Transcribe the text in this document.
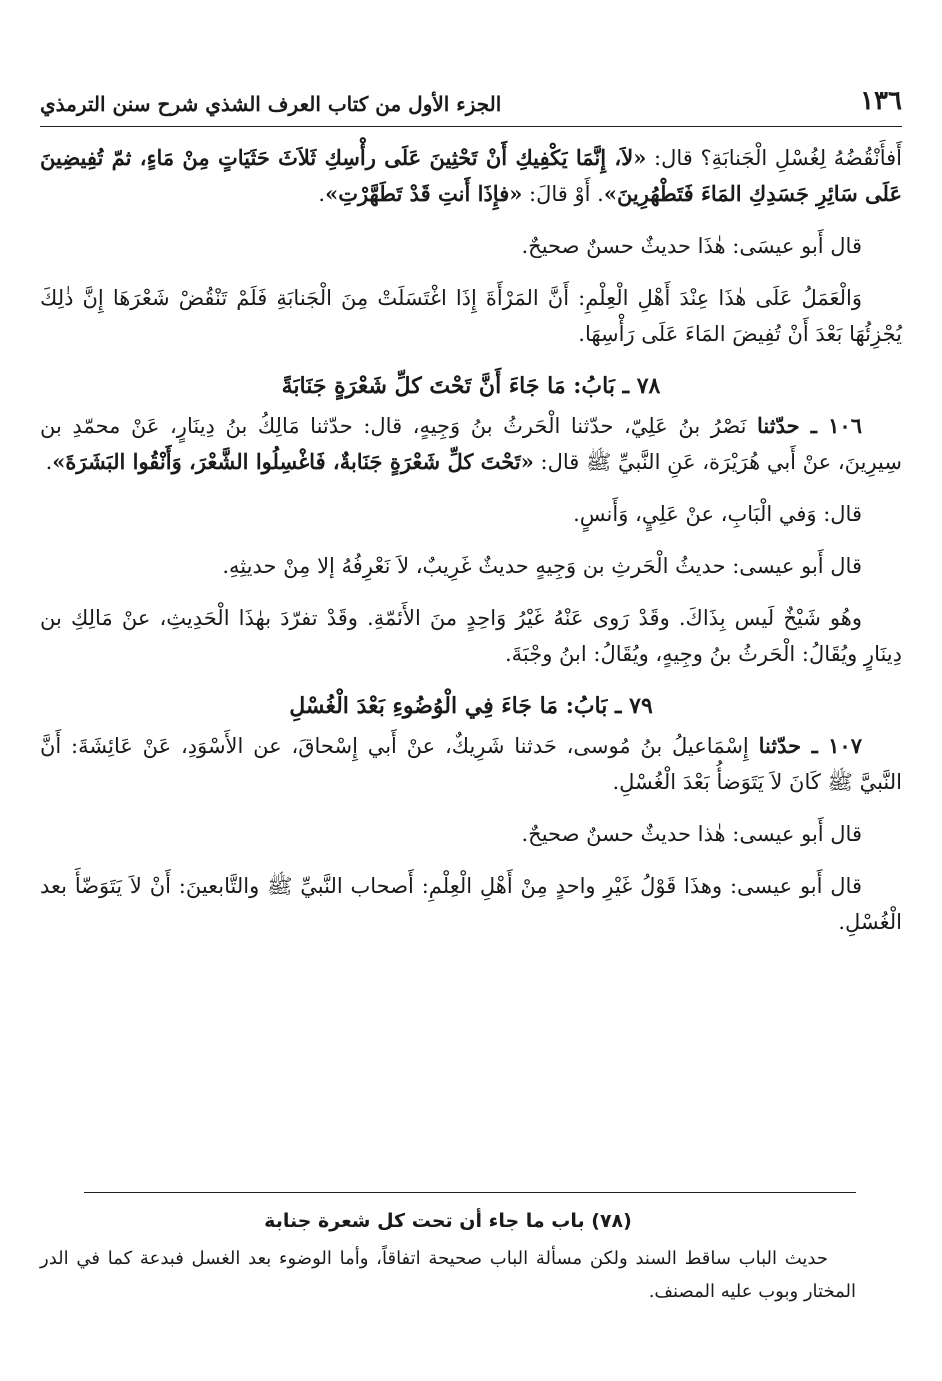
١٣٦
الجزء الأول من كتاب العرف الشذي شرح سنن الترمذي

أَفأَنْقُضُهُ لِغُسْلِ الْجَنابَةِ؟ قال: «لاَ، إِنَّمَا يَكْفِيكِ أَنْ تَحْثِينَ عَلَى رأْسِكِ ثَلاَثَ حَثَيَاتٍ مِنْ مَاءٍ، ثمّ تُفِيضِينَ عَلَى سَائِرِ جَسَدِكِ المَاءَ فَتَطْهُرِينَ». أَوْ قالَ: «فإِذَا أَنتِ قَدْ تَطَهَّرْتِ».

قال أَبو عيسَى: هٰذَا حديثٌ حسنٌ صحيحٌ.

وَالْعَمَلُ عَلَى هٰذَا عِنْدَ أَهْلِ الْعِلْمِ: أَنَّ المَرْأَةَ إِذَا اغْتَسَلَتْ مِنَ الْجَنابَةِ فَلَمْ تَنْقُضْ شَعْرَهَا إِنَّ ذٰلِكَ يُجْزِئُهَا بَعْدَ أَنْ تُفِيضَ المَاءَ عَلَى رَأْسِهَا.

٧٨ ـ بَابُ: مَا جَاءَ أَنَّ تَحْتَ كلِّ شَعْرَةٍ جَنَابَةً

١٠٦ ـ حدّثنا نَصْرُ بنُ عَلِيّ، حدّثنا الْحَرثُ بنُ وَجِيهٍ، قال: حدّثنا مَالِكُ بنُ دِينَارٍ، عَنْ محمّدِ بن سِيرِينَ، عنْ أَبي هُرَيْرَة، عَنِ النَّبيِّ ﷺ قال: «تَحْتَ كلِّ شَعْرَةٍ جَنَابةٌ، فَاغْسِلُوا الشَّعْرَ، وَأَنْقُوا البَشَرَةَ».

قال: وَفي الْبَابِ، عنْ عَلِيٍ، وَأَنسٍ.

قال أَبو عيسى: حديثُ الْحَرثِ بن وَجِيهٍ حديثٌ غَرِيبٌ، لاَ نَعْرِفُهُ إلا مِنْ حديثِهِ.

وهُو شَيْخٌ لَيس بِذَاكَ. وقَدْ رَوى عَنْهُ غَيْرُ وَاحِدٍ منَ الأَئمّةِ. وقَدْ تفرّدَ بهٰذَا الْحَدِيثِ، عنْ مَالِكِ بن دِينَارٍ ويُقَالُ: الْحَرثُ بنُ وجِيهٍ، ويُقَالُ: ابنُ وجْبَةَ.

٧٩ ـ بَابُ: مَا جَاءَ فِي الْوُضُوءِ بَعْدَ الْغُسْلِ

١٠٧ ـ حدّثنا إِسْمَاعيلُ بنُ مُوسى، حَدثنا شَرِيكٌ، عنْ أَبي إِسْحاقَ، عن الأَسْوَدِ، عَنْ عَائِشَةَ: أَنَّ النَّبيَّ ﷺ كَانَ لاَ يَتَوَضأُ بَعْدَ الْغُسْلِ.

قال أَبو عيسى: هٰذا حديثٌ حسنٌ صحيحٌ.

قال أَبو عيسى: وهذَا قَوْلُ غَيْرِ واحدٍ مِنْ أَهْلِ الْعِلْمِ: أَصحاب النَّبيِّ ﷺ والتَّابعينَ: أَنْ لاَ يَتَوَضّأَ بعد الْغُسْلِ.

(٧٨) باب ما جاء أن تحت كل شعرة جنابة

حديث الباب ساقط السند ولكن مسألة الباب صحيحة اتفاقاً، وأما الوضوء بعد الغسل فبدعة كما في الدر المختار وبوب عليه المصنف.
